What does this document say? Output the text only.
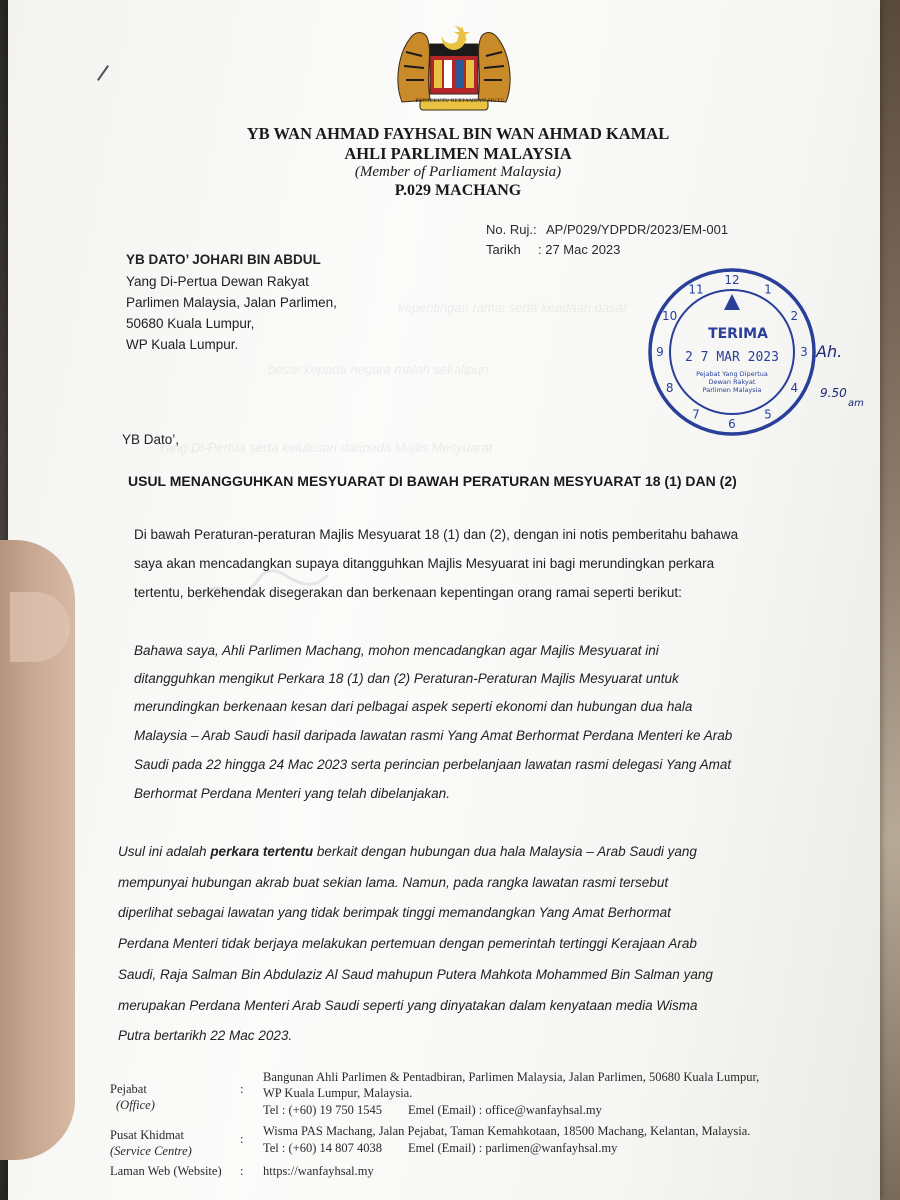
BERSEKUTU BERTAMBAH MUTU
YB WAN AHMAD FAYHSAL BIN WAN AHMAD KAMAL
AHLI PARLIMEN MALAYSIA
(Member of Parliament Malaysia)
P.029 MACHANG
No. Ruj.: AP/P029/YDPDR/2023/EM-001
Tarikh : 27 Mac 2023
YB DATO’ JOHARI BIN ABDUL
Yang Di-Pertua Dewan Rakyat
Parlimen Malaysia, Jalan Parlimen,
50680 Kuala Lumpur,
WP Kuala Lumpur.
kepentingan ramai serta keadaan dasar
besar kepada negara malah sekalipun
Yang Di-Pertua serta kelulusan daripada Majlis Mesyuarat
YB Dato’,
USUL MENANGGUHKAN MESYUARAT DI BAWAH PERATURAN MESYUARAT 18 (1) DAN (2)
Di bawah Peraturan-peraturan Majlis Mesyuarat 18 (1) dan (2), dengan ini notis pemberitahu bahawa
saya akan mencadangkan supaya ditangguhkan Majlis Mesyuarat ini bagi merundingkan perkara
tertentu, berkehendak disegerakan dan berkenaan kepentingan orang ramai seperti berikut:
Bahawa saya, Ahli Parlimen Machang, mohon mencadangkan agar Majlis Mesyuarat ini
ditangguhkan mengikut Perkara 18 (1) dan (2) Peraturan-Peraturan Majlis Mesyuarat untuk
merundingkan berkenaan kesan dari pelbagai aspek seperti ekonomi dan hubungan dua hala
Malaysia – Arab Saudi hasil daripada lawatan rasmi Yang Amat Berhormat Perdana Menteri ke Arab
Saudi pada 22 hingga 24 Mac 2023 serta perincian perbelanjaan lawatan rasmi delegasi Yang Amat
Berhormat Perdana Menteri yang telah dibelanjakan.
Usul ini adalah perkara tertentu berkait dengan hubungan dua hala Malaysia – Arab Saudi yang
mempunyai hubungan akrab buat sekian lama. Namun, pada rangka lawatan rasmi tersebut
diperlihat sebagai lawatan yang tidak berimpak tinggi memandangkan Yang Amat Berhormat
Perdana Menteri tidak berjaya melakukan pertemuan dengan pemerintah tertinggi Kerajaan Arab
Saudi, Raja Salman Bin Abdulaziz Al Saud mahupun Putera Mahkota Mohammed Bin Salman yang
merupakan Perdana Menteri Arab Saudi seperti yang dinyatakan dalam kenyataan media Wisma
Putra bertarikh 22 Mac 2023.
1
2
3
4
5
6
7
8
9
10
11
12
TERIMA
2 7 MAR 2023
Pejabat Yang Dipertua
Dewan Rakyat
Parlimen Malaysia
Ah.
9.50
am
Pejabat
(Office)
:
Bangunan Ahli Parlimen & Pentadbiran, Parlimen Malaysia, Jalan Parlimen, 50680 Kuala Lumpur,
WP Kuala Lumpur, Malaysia.
Tel : (+60) 19 750 1545 Emel (Email) : office@wanfayhsal.my
Pusat Khidmat
(Service Centre)
:
Wisma PAS Machang, Jalan Pejabat, Taman Kemahkotaan, 18500 Machang, Kelantan, Malaysia.
Tel : (+60) 14 807 4038 Emel (Email) : parlimen@wanfayhsal.my
Laman Web (Website) : https://wanfayhsal.my
